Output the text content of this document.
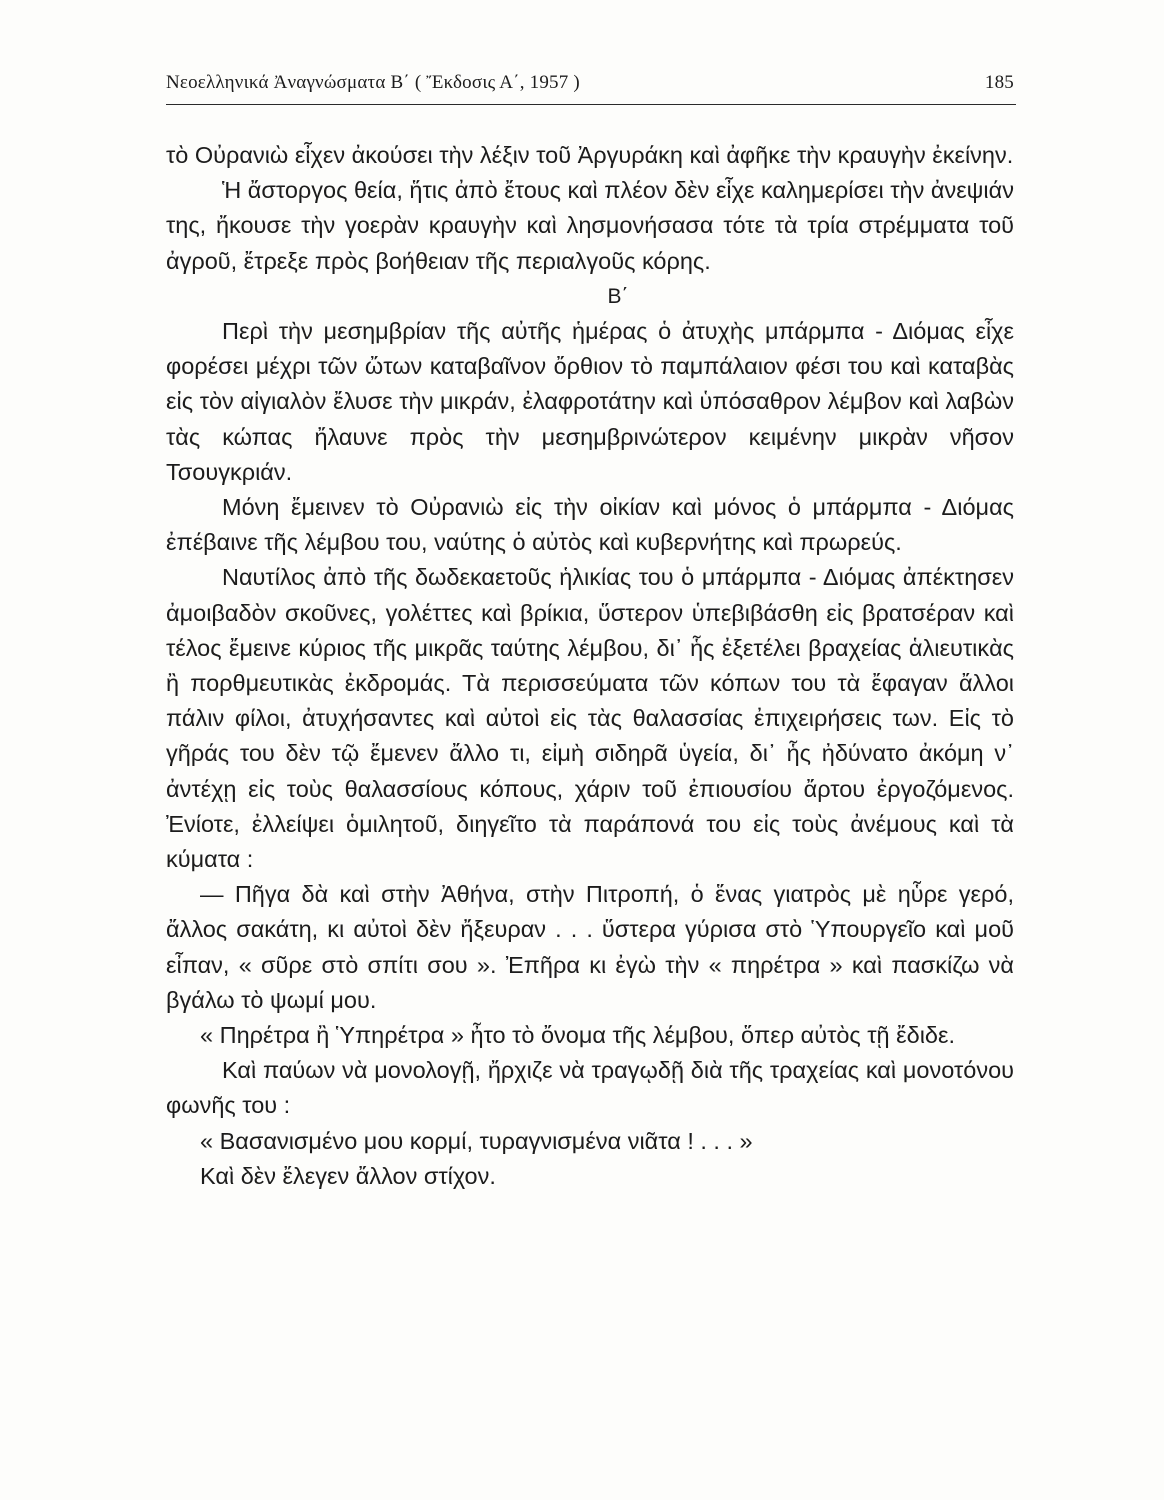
Νεοελληνικά Ἀναγνώσματα Β΄ ( Ἔκδοσις Α΄, 1957 )	185

τὸ Οὐρανιὼ εἶχεν ἀκούσει τὴν λέξιν τοῦ Ἀργυράκη καὶ ἀφῆκε τὴν κραυγὴν ἐκείνην.

Ἡ ἄστοργος θεία, ἥτις ἀπὸ ἔτους καὶ πλέον δὲν εἶχε καλημερίσει τὴν ἀνεψιάν της, ἤκουσε τὴν γοερὰν κραυγὴν καὶ λησμονήσασα τότε τὰ τρία στρέμματα τοῦ ἀγροῦ, ἔτρεξε πρὸς βοήθειαν τῆς περιαλγοῦς κόρης.

Β΄

Περὶ τὴν μεσημβρίαν τῆς αὐτῆς ἡμέρας ὁ ἀτυχὴς μπάρμπα - Διόμας εἶχε φορέσει μέχρι τῶν ὤτων καταβαῖνον ὄρθιον τὸ παμπάλαιον φέσι του καὶ καταβὰς εἰς τὸν αἰγιαλὸν ἔλυσε τὴν μικράν, ἐλαφροτάτην καὶ ὑπόσαθρον λέμβον καὶ λαβὼν τὰς κώπας ἤλαυνε πρὸς τὴν μεσημβρινώτερον κειμένην μικρὰν νῆσον Τσουγκριάν.

Μόνη ἔμεινεν τὸ Οὐρανιὼ εἰς τὴν οἰκίαν καὶ μόνος ὁ μπάρμπα - Διόμας ἐπέβαινε τῆς λέμβου του, ναύτης ὁ αὐτὸς καὶ κυβερνήτης καὶ πρωρεύς.

Ναυτίλος ἀπὸ τῆς δωδεκαετοῦς ἡλικίας του ὁ μπάρμπα - Διόμας ἀπέκτησεν ἀμοιβαδὸν σκοῦνες, γολέττες καὶ βρίκια, ὕστερον ὑπεβιβάσθη εἰς βρατσέραν καὶ τέλος ἔμεινε κύριος τῆς μικρᾶς ταύτης λέμβου, δι᾽ ἧς ἐξετέλει βραχείας ἁλιευτικὰς ἢ πορθμευτικὰς ἐκδρομάς. Τὰ περισσεύματα τῶν κόπων του τὰ ἔφαγαν ἄλλοι πάλιν φίλοι, ἀτυχήσαντες καὶ αὐτοὶ εἰς τὰς θαλασσίας ἐπιχειρήσεις των. Εἰς τὸ γῆράς του δὲν τῷ ἔμενεν ἄλλο τι, εἰμὴ σιδηρᾶ ὑγεία, δι᾽ ἧς ἠδύνατο ἀκόμη ν᾽ ἀντέχῃ εἰς τοὺς θαλασσίους κόπους, χάριν τοῦ ἐπιουσίου ἄρτου ἐργοζόμενος. Ἐνίοτε, ἐλλείψει ὁμιλητοῦ, διηγεῖτο τὰ παράπονά του εἰς τοὺς ἀνέμους καὶ τὰ κύματα :

— Πῆγα δὰ καὶ στὴν Ἀθήνα, στὴν Πιτροπή, ὁ ἕνας γιατρὸς μὲ ηὗρε γερό, ἄλλος σακάτη, κι αὐτοὶ δὲν ἤξευραν . . . ὕστερα γύρισα στὸ Ὑπουργεῖο καὶ μοῦ εἶπαν, « σῦρε στὸ σπίτι σου ». Ἐπῆρα κι ἐγὼ τὴν « πηρέτρα » καὶ πασκίζω νὰ βγάλω τὸ ψωμί μου.

« Πηρέτρα ἢ Ὑπηρέτρα » ἦτο τὸ ὄνομα τῆς λέμβου, ὅπερ αὐτὸς τῇ ἔδιδε.

Καὶ παύων νὰ μονολογῇ, ἤρχιζε νὰ τραγῳδῇ διὰ τῆς τραχείας καὶ μονοτόνου φωνῆς του :

« Βασανισμένο μου κορμί, τυραγνισμένα νιᾶτα ! . . . »

Καὶ δὲν ἔλεγεν ἄλλον στίχον.
